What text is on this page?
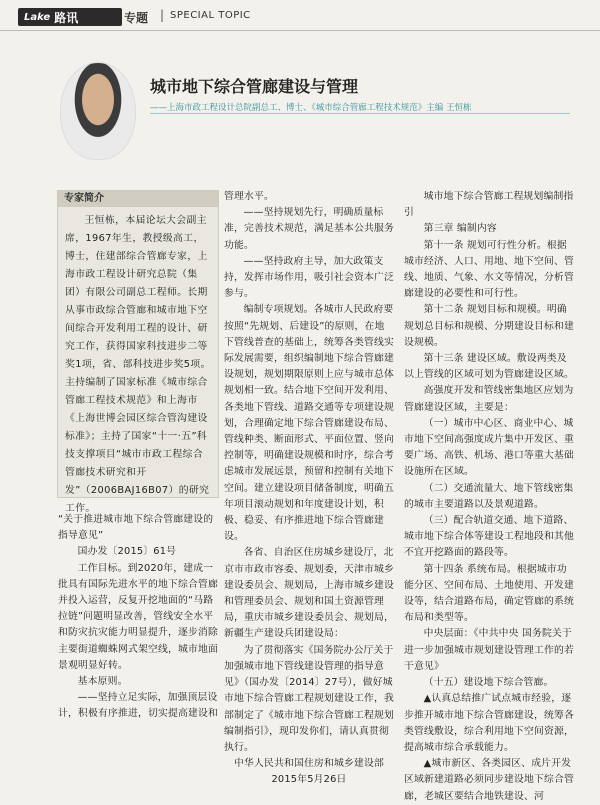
Lake 路讯	专题 | SPECIAL TOPIC
城市地下综合管廊建设与管理
——上海市政工程设计总院副总工、博士、《城市综合管廊工程技术规范》主编 王恒栋
专家简介
王恒栋，本届论坛大会副主席，1967年生，教授级高工，博士，住建部综合管廊专家，上海市政工程设计研究总院（集团）有限公司副总工程师。长期从事市政综合管廊和城市地下空间综合开发利用工程的设计、研究工作，获得国家科技进步二等奖1项，省、部科技进步奖5项。主持编制了国家标准《城市综合管廊工程技术规范》和上海市《上海世博会园区综合管沟建设标准》；主持了国家“十一·五”科技支撑项目“城市市政工程综合管廊技术研究和开发”（2006BAJ16B07）的研究工作。

“关于推进城市地下综合管廊建设的指导意见”

国办发〔2015〕61号

工作目标。到2020年，建成一批具有国际先进水平的地下综合管廊并投入运营，反复开挖地面的“马路拉链”问题明显改善，管线安全水平和防灾抗灾能力明显提升，逐步消除主要街道蜘蛛网式架空线，城市地面景观明显好转。

基本原则。

——坚持立足实际，加强顶层设计，积极有序推进，切实提高建设和

管理水平。

——坚持规划先行，明确质量标准，完善技术规范，满足基本公共服务功能。

——坚持政府主导，加大政策支持，发挥市场作用，吸引社会资本广泛参与。

编制专项规划。各城市人民政府要按照“先规划、后建设”的原则，在地下管线普查的基础上，统筹各类管线实际发展需要，组织编制地下综合管廊建设规划，规划期限原则上应与城市总体规划相一致。结合地下空间开发利用、各类地下管线、道路交通等专项建设规划，合理确定地下综合管廊建设布局、管线种类、断面形式、平面位置、竖向控制等，明确建设规模和时序，综合考虑城市发展远景，预留和控制有关地下空间。建立建设项目储备制度，明确五年项目滚动规划和年度建设计划，积极、稳妥、有序推进地下综合管廊建设。

各省、自治区住房城乡建设厅，北京市市政市容委、规划委，天津市城乡建设委员会、规划局，上海市城乡建设和管理委员会、规划和国土资源管理局，重庆市城乡建设委员会、规划局，新疆生产建设兵团建设局：

为了贯彻落实《国务院办公厅关于加强城市地下管线建设管理的指导意见》（国办发〔2014〕27号），做好城市地下综合管廊工程规划建设工作，我部制定了《城市地下综合管廊工程规划编制指引》，现印发你们，请认真贯彻执行。

中华人民共和国住房和城乡建设部

2015年5月26日

城市地下综合管廊工程规划编制指引

第三章 编制内容

第十一条 规划可行性分析。根据城市经济、人口、用地、地下空间、管线、地质、气象、水文等情况，分析管廊建设的必要性和可行性。

第十二条 规划目标和规模。明确规划总目标和规模、分期建设目标和建设规模。

第十三条 建设区域。敷设两类及以上管线的区域可划为管廊建设区域。

高强度开发和管线密集地区应划为管廊建设区域，主要是：

（一）城市中心区、商业中心、城市地下空间高强度成片集中开发区、重要广场、高铁、机场、港口等重大基础设施所在区域。

（二）交通流量大、地下管线密集的城市主要道路以及景观道路。

（三）配合轨道交通、地下道路、城市地下综合体等建设工程地段和其他不宜开挖路面的路段等。

第十四条 系统布局。根据城市功能分区、空间布局、土地使用、开发建设等，结合道路布局，确定管廊的系统布局和类型等。

中央层面：《中共中央 国务院关于进一步加强城市规划建设管理工作的若干意见》

（十五）建设地下综合管廊。

▲认真总结推广试点城市经验，逐步推开城市地下综合管廊建设，统筹各类管线敷设，综合利用地下空间资源，提高城市综合承载能力。

▲城市新区、各类园区、成片开发区域新建道路必须同步建设地下综合管廊，老城区要结合地铁建设、河
